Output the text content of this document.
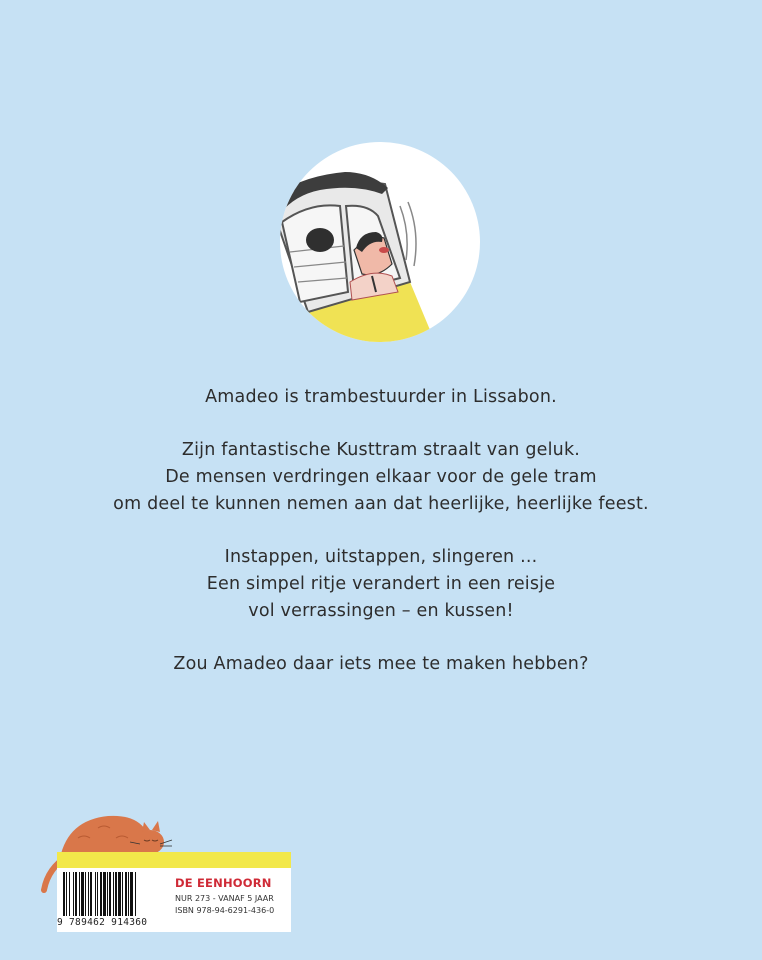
Amadeo is trambestuurder in Lissabon.

Zijn fantastische Kusttram straalt van geluk.
De mensen verdringen elkaar voor de gele tram
om deel te kunnen nemen aan dat heerlijke, heerlijke feest.

Instappen, uitstappen, slingeren ...
Een simpel ritje verandert in een reisje
vol verrassingen – en kussen!

Zou Amadeo daar iets mee te maken hebben?

9 789462 914360
DE EENHOORN
NUR 273 - VANAF 5 JAAR
ISBN 978-94-6291-436-0
